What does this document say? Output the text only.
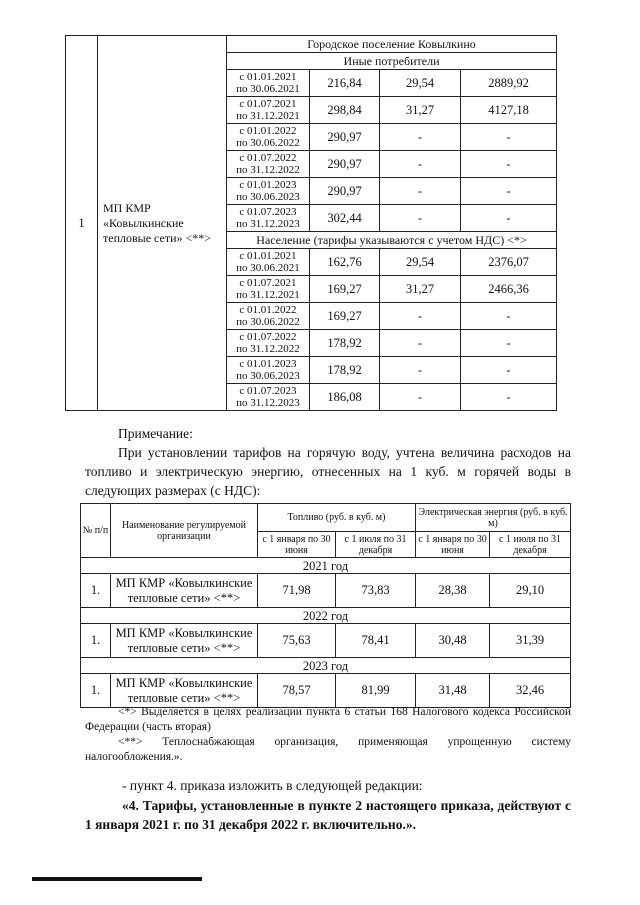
1	МП КМР «Ковылкинские тепловые сети» <**>	Городское поселение Ковылкино			
		Иные потребители			

		с 01.01.2021
по 30.06.2021	216,84	29,54	2889,92

		с 01.07.2021
по 31.12.2021	298,84	31,27	4127,18

		с 01.01.2022
по 30.06.2022	290,97	-	-

		с 01.07.2022
по 31.12.2022	290,97	-	-

		с 01.01.2023
по 30.06.2023	290,97	-	-

		с 01.07.2023
по 31.12.2023	302,44	-	-
		Население (тарифы указываются с учетом НДС) <*>			

		с 01.01.2021
по 30.06.2021	162,76	29,54	2376,07

		с 01.07.2021
по 31.12.2021	169,27	31,27	2466,36

		с 01.01.2022
по 30.06.2022	169,27	-	-

		с 01.07.2022
по 31.12.2022	178,92	-	-

		с 01.01.2023
по 30.06.2023	178,92	-	-

		с 01.07.2023
по 31.12.2023	186,08	-	-
Примечание:
При установлении тарифов на горячую воду, учтена величина расходов на топливо и электрическую энергию, отнесенных на 1 куб. м горячей воды в следующих размерах (с НДС):
№ п/п	Наименование регулируемой организации	Топливо (руб. в куб. м)		Электрическая энергия (руб. в куб. м)	
		с 1 января по 30 июня	с 1 июля по 31 декабря	с 1 января по 30 июня	с 1 июля по 31 декабря
2021 год					
1.	МП КМР «Ковылкинские тепловые сети» <**>	71,98	73,83	28,38	29,10
2022 год					
1.	МП КМР «Ковылкинские тепловые сети» <**>	75,63	78,41	30,48	31,39
2023 год					
1.	МП КМР «Ковылкинские тепловые сети» <**>	78,57	81,99	31,48	32,46
<*> Выделяется в целях реализации пункта 6 статьи 168 Налогового кодекса Российской Федерации (часть вторая)
<**> Теплоснабжающая организация, применяющая упрощенную систему налогообложения.».
- пункт 4. приказа изложить в следующей редакции:
«4. Тарифы, установленные в пункте 2 настоящего приказа, действуют с 1 января 2021 г. по 31 декабря 2022 г. включительно.».
